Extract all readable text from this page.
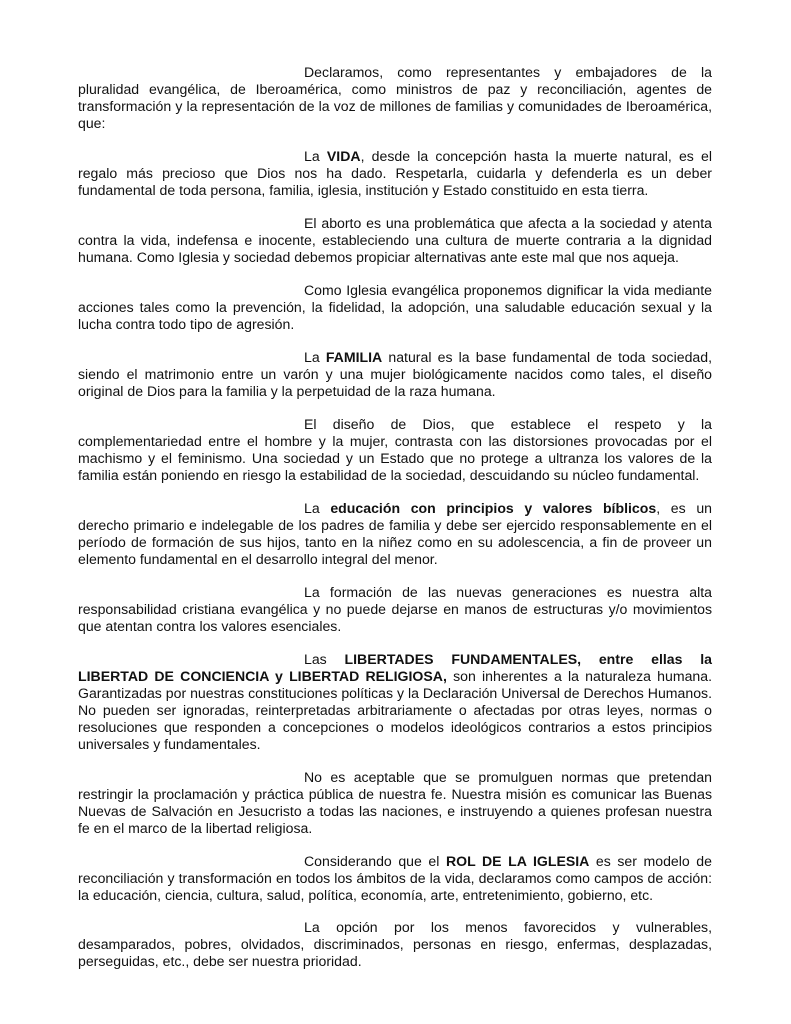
Declaramos, como representantes y embajadores de la pluralidad evangélica, de Iberoamérica, como ministros de paz y reconciliación, agentes de transformación y la representación de la voz de millones de familias y comunidades de Iberoamérica, que:

La VIDA, desde la concepción hasta la muerte natural, es el regalo más precioso que Dios nos ha dado. Respetarla, cuidarla y defenderla es un deber fundamental de toda persona, familia, iglesia, institución y Estado constituido en esta tierra.

El aborto es una problemática que afecta a la sociedad y atenta contra la vida, indefensa e inocente, estableciendo una cultura de muerte contraria a la dignidad humana. Como Iglesia y sociedad debemos propiciar alternativas ante este mal que nos aqueja.

Como Iglesia evangélica proponemos dignificar la vida mediante acciones tales como la prevención, la fidelidad, la adopción, una saludable educación sexual y la lucha contra todo tipo de agresión.

La FAMILIA natural es la base fundamental de toda sociedad, siendo el matrimonio entre un varón y una mujer biológicamente nacidos como tales, el diseño original de Dios para la familia y la perpetuidad de la raza humana.

El diseño de Dios, que establece el respeto y la complementariedad entre el hombre y la mujer, contrasta con las distorsiones provocadas por el machismo y el feminismo. Una sociedad y un Estado que no protege a ultranza los valores de la familia están poniendo en riesgo la estabilidad de la sociedad, descuidando su núcleo fundamental.

La educación con principios y valores bíblicos, es un derecho primario e indelegable de los padres de familia y debe ser ejercido responsablemente en el período de formación de sus hijos, tanto en la niñez como en su adolescencia, a fin de proveer un elemento fundamental en el desarrollo integral del menor.

La formación de las nuevas generaciones es nuestra alta responsabilidad cristiana evangélica y no puede dejarse en manos de estructuras y/o movimientos que atentan contra los valores esenciales.

Las LIBERTADES FUNDAMENTALES, entre ellas la LIBERTAD DE CONCIENCIA y LIBERTAD RELIGIOSA, son inherentes a la naturaleza humana. Garantizadas por nuestras constituciones políticas y la Declaración Universal de Derechos Humanos. No pueden ser ignoradas, reinterpretadas arbitrariamente o afectadas por otras leyes, normas o resoluciones que responden a concepciones o modelos ideológicos contrarios a estos principios universales y fundamentales.

No es aceptable que se promulguen normas que pretendan restringir la proclamación y práctica pública de nuestra fe. Nuestra misión es comunicar las Buenas Nuevas de Salvación en Jesucristo a todas las naciones, e instruyendo a quienes profesan nuestra fe en el marco de la libertad religiosa.

Considerando que el ROL DE LA IGLESIA es ser modelo de reconciliación y transformación en todos los ámbitos de la vida, declaramos como campos de acción: la educación, ciencia, cultura, salud, política, economía, arte, entretenimiento, gobierno, etc.

La opción por los menos favorecidos y vulnerables, desamparados, pobres, olvidados, discriminados, personas en riesgo, enfermas, desplazadas, perseguidas, etc., debe ser nuestra prioridad.
